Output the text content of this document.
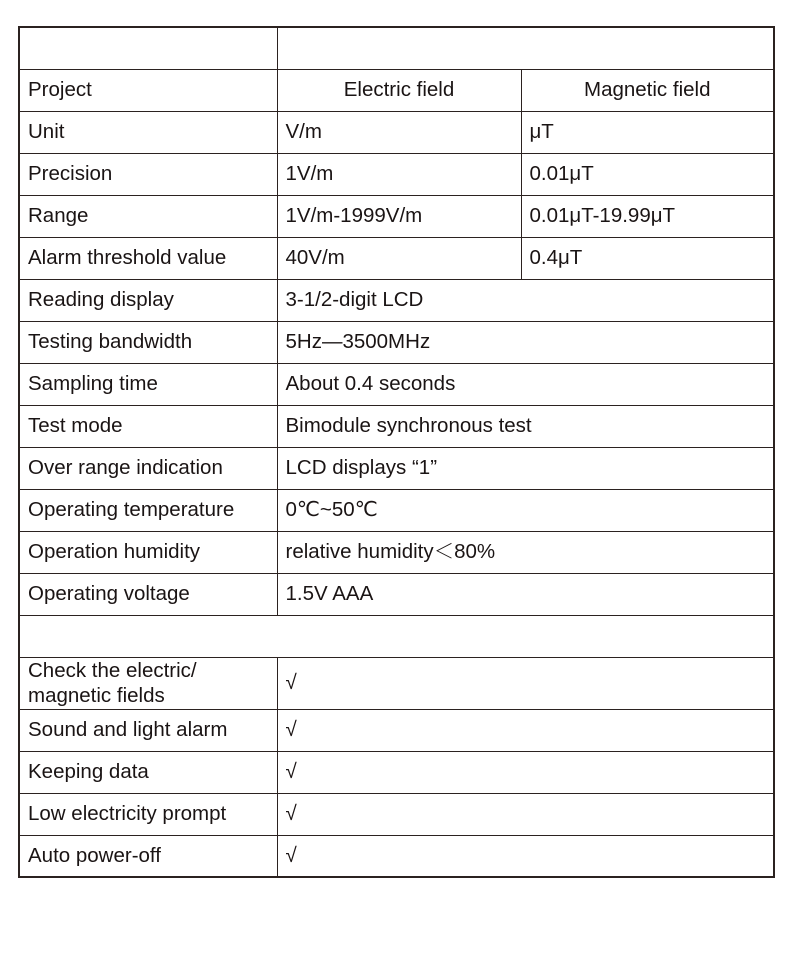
Technical indicators		
Project	Electric field	Magnetic field
Unit	V/m	μT
Precision	1V/m	0.01μT
Range	1V/m-1999V/m	0.01μT-19.99μT
Alarm threshold value	40V/m	0.4μT
Reading display	3-1/2-digit LCD	
Testing bandwidth	5Hz—3500MHz	
Sampling time	About 0.4 seconds	
Test mode	Bimodule synchronous test	
Over range indication	LCD displays “1”	
Operating temperature	0℃~50℃	
Operation humidity	relative humidity＜80%	
Operating voltage	1.5V AAA	
Peculiarity		
Check the electric/
magnetic fields	√	
Sound and light alarm	√	
Keeping data	√	
Low electricity prompt	√	
Auto power-off	√	
